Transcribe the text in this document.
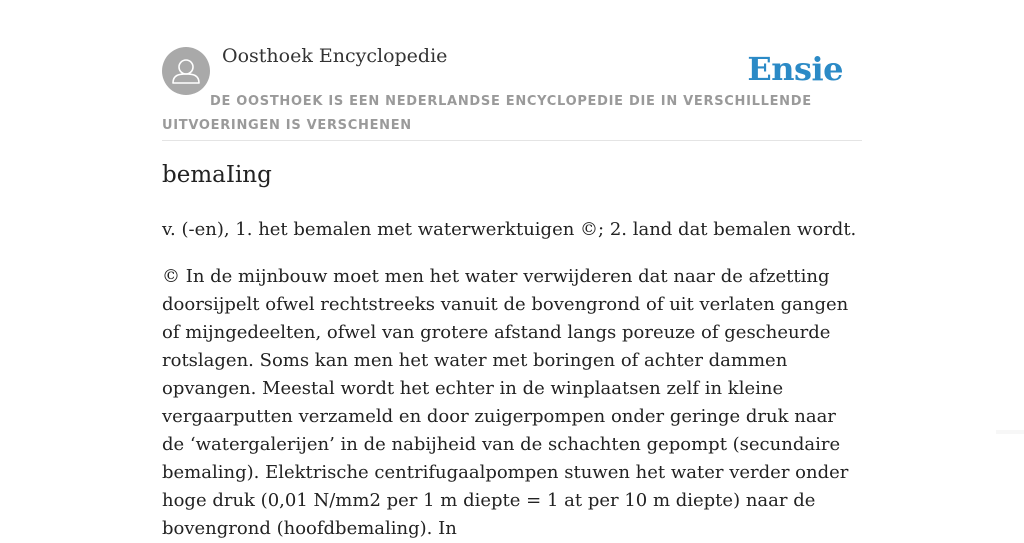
Oosthoek Encyclopedie	Ensie
DE OOSTHOEK IS EEN NEDERLANDSE ENCYCLOPEDIE DIE IN VERSCHILLENDE UITVOERINGEN IS VERSCHENEN
bemaIing

v. (-en), 1. het bemalen met waterwerktuigen ©; 2. land dat bemalen wordt.

© In de mijnbouw moet men het water verwijderen dat naar de afzetting doorsijpelt ofwel rechtstreeks vanuit de bovengrond of uit verlaten gangen of mijngedeelten, ofwel van grotere afstand langs poreuze of gescheurde rotslagen. Soms kan men het water met boringen of achter dammen opvangen. Meestal wordt het echter in de winplaatsen zelf in kleine vergaarputten verzameld en door zuigerpompen onder geringe druk naar de ‘watergalerijen’ in de nabijheid van de schachten gepompt (secundaire bemaling). Elektrische centrifugaalpompen stuwen het water verder onder hoge druk (0,01 N/mm2 per 1 m diepte = 1 at per 10 m diepte) naar de bovengrond (hoofdbemaling). In
